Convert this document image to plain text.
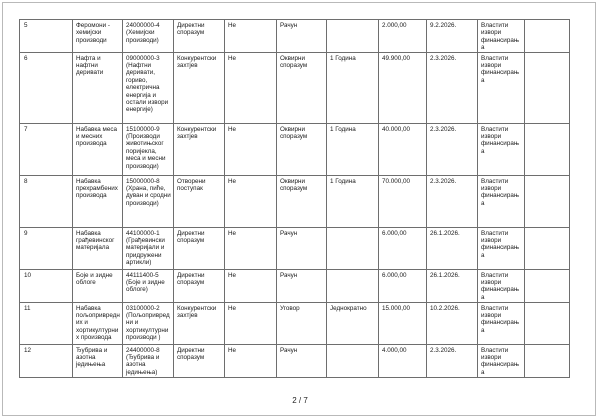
5	Феромони - хемијски производи	24000000-4 (Хемијски производи)	Директни споразум	Не	Рачун		2.000,00	9.2.2026.	Властити извори финансирања	
6	Нафта и нафтни деривати	09000000-3 (Нафтни деривати, гориво, електрична енергија и остали извори енергије)	Конкурентски захтјев	Не	Оквирни споразум	1 Година	49.900,00	2.3.2026.	Властити извори финансирања	
7	Набавка меса и месних производа	15100000-9 (Производи животињског поријекла, меса и месни производи)	Конкурентски захтјев	Не	Оквирни споразум	1 Година	40.000,00	2.3.2026.	Властити извори финансирања	
8	Набавка прехрамбених производа	15000000-8 (Храна, пиће, дуван и сродни производи)	Отворени поступак	Не	Оквирни споразум	1 Година	70.000,00	2.3.2026.	Властити извори финансирања	
9	Набавка грађевинског материјала	44100000-1 (Грађевински материјали и придружени артикли)	Директни споразум	Не	Рачун		6.000,00	26.1.2026.	Властити извори финансирања	
10	Боје и зидне облоге	44111400-5 (Боје и зидне облоге)	Директни споразум	Не	Рачун		6.000,00	26.1.2026.	Властити извори финансирања	
11	Набавка пољопривредних и хортикултурних производа	03100000-2 (Пољопривредни и хортикултурни производи )	Конкурентски захтјев	Не	Уговор	Једнократно	15.000,00	10.2.2026.	Властити извори финансирања	
12	Ђубрива и азотна једињења	24400000-8 (Ђубрива и азотна једињења)	Директни споразум	Не	Рачун		4.000,00	2.3.2026.	Властити извори финансирања	
2 / 7
